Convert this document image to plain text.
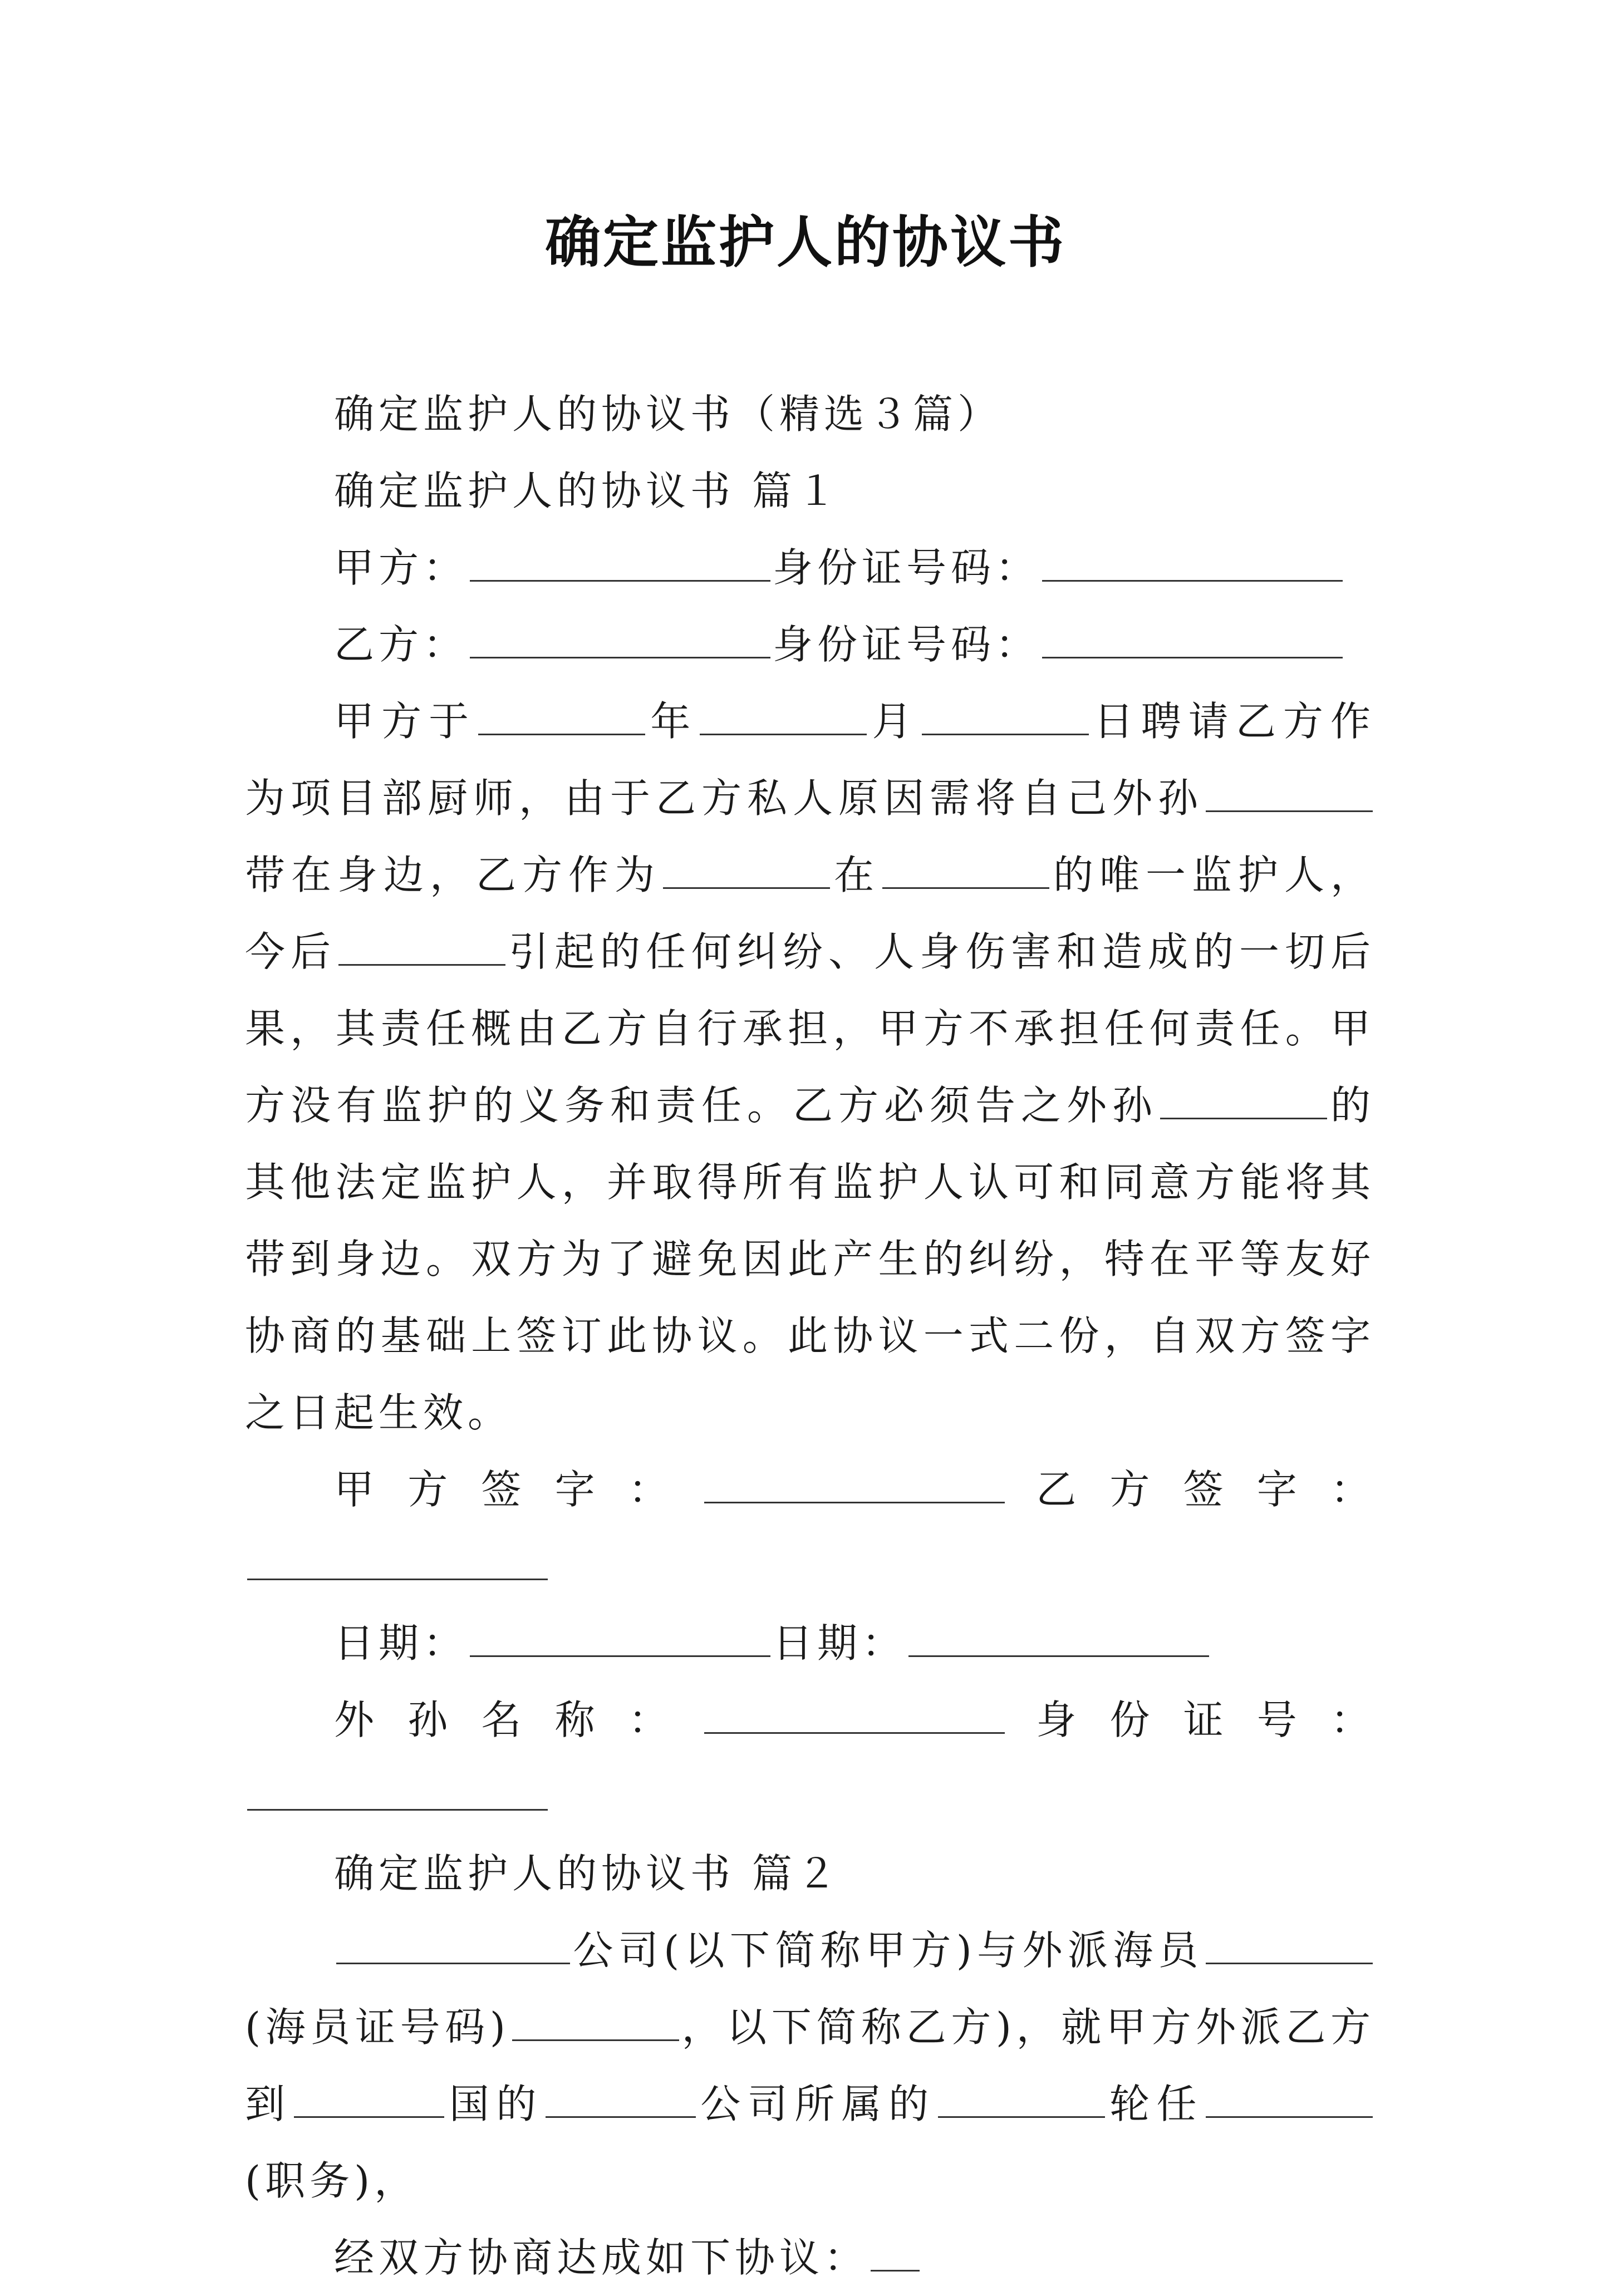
确定监护人的协议书

确定监护人的协议书（精选３篇）

确定监护人的协议书 篇１

甲方：	身份证号码：

乙方：	身份证号码：

甲方于	年	月	日聘请乙方作为项目部厨师，由于乙方私人原因需将自己外孙带在身边，乙方作为	在	的唯一监护人，今后	引起的任何纠纷、人身伤害和造成的一切后果，其责任概由乙方自行承担，甲方不承担任何责任。甲方没有监护的义务和责任。乙方必须告之外孙	的其他法定监护人，并取得所有监护人认可和同意方能将其带到身边。双方为了避免因此产生的纠纷，特在平等友好协商的基础上签订此协议。此协议一式二份，自双方签字之日起生效。

甲方签字：	乙方签字：

日期：	日期：

外孙名称：	身份证号：

确定监护人的协议书 篇２

公司(以下简称甲方)与外派海员(海员证号码)	，以下简称乙方)，就甲方外派乙方到	国的	公司所属的	轮任(职务)，

经双方协商达成如下协议：
